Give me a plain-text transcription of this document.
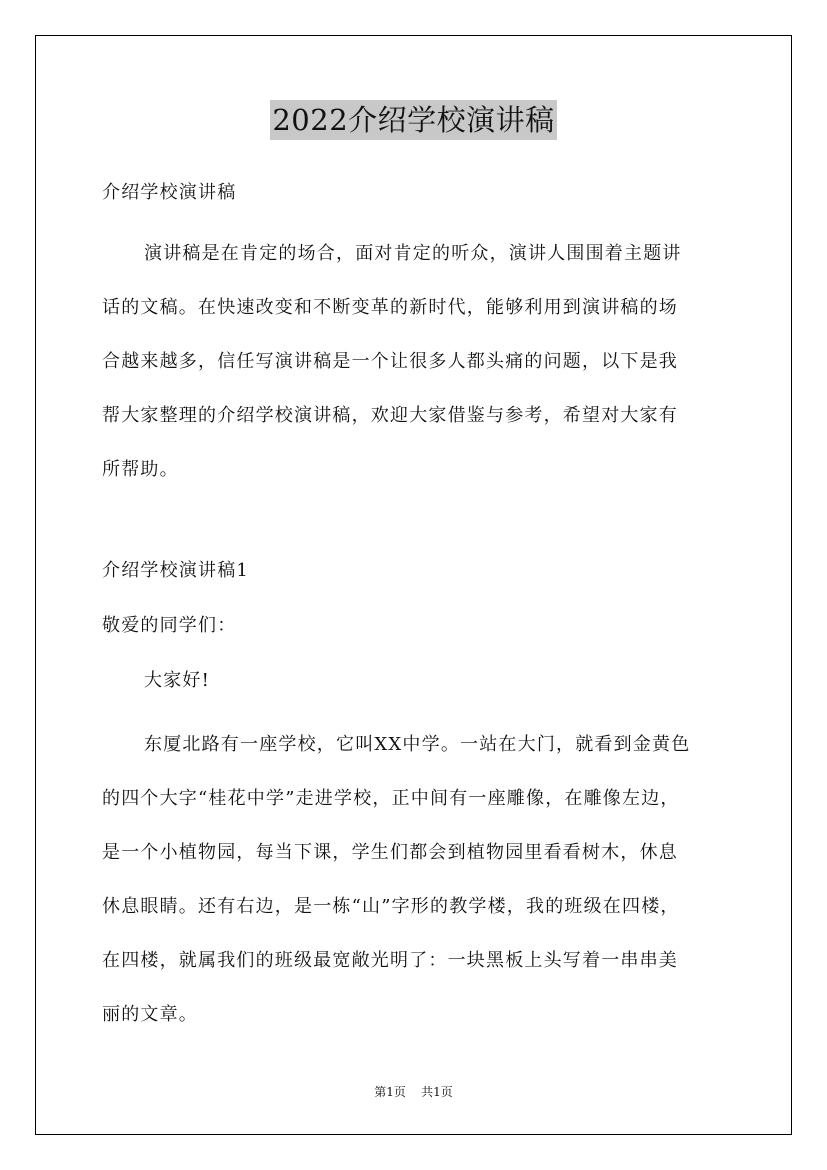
2022介绍学校演讲稿
介绍学校演讲稿
演讲稿是在肯定的场合，面对肯定的听众，演讲人围围着主题讲
话的文稿。在快速改变和不断变革的新时代，能够利用到演讲稿的场
合越来越多，信任写演讲稿是一个让很多人都头痛的问题，以下是我
帮大家整理的介绍学校演讲稿，欢迎大家借鉴与参考，希望对大家有
所帮助。
介绍学校演讲稿1
敬爱的同学们：
大家好!
东厦北路有一座学校，它叫XX中学。一站在大门，就看到金黄色
的四个大字“桂花中学”走进学校，正中间有一座雕像，在雕像左边，
是一个小植物园，每当下课，学生们都会到植物园里看看树木，休息
休息眼睛。还有右边，是一栋“山”字形的教学楼，我的班级在四楼，
在四楼，就属我们的班级最宽敞光明了：一块黑板上头写着一串串美
丽的文章。
第1页 共1页
